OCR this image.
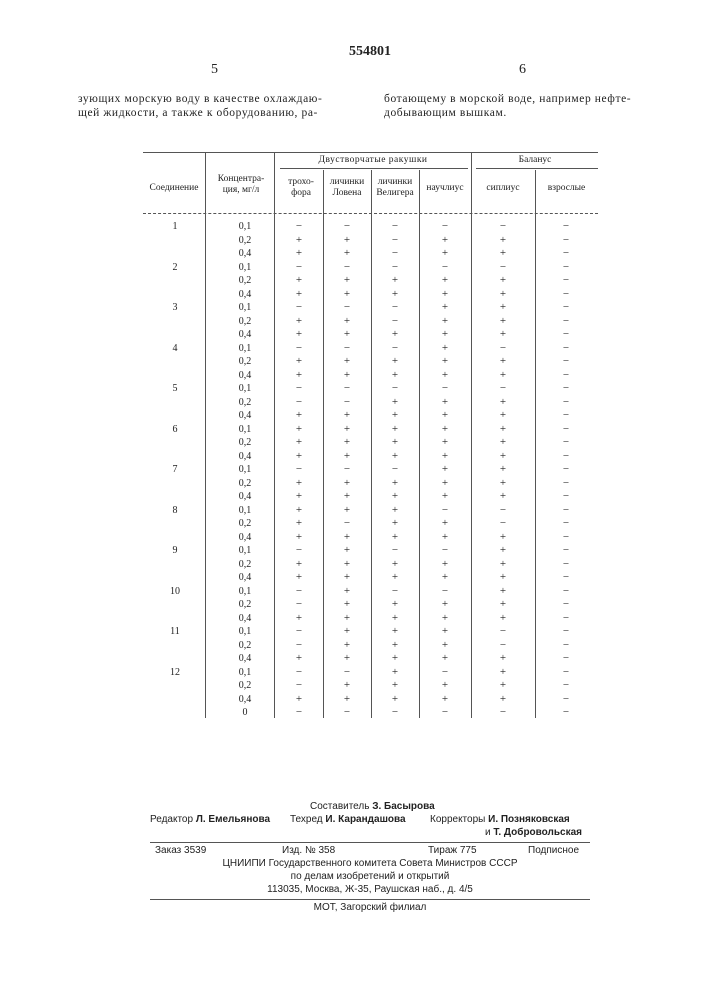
554801
5	6
зующих морскую воду в качестве охлаждаю-
щей жидкости, а также к оборудованию, ра-
ботающему в морской воде, например нефте-
добывающим вышкам.
Соединение
Концентра-ция, мг/л
Двустворчатые ракушки	Баланус
трохо-фора
личинки Ловена
личинки Велигера	научлиус	сиплиус	взрослые
1	0,1	−	−	−	−	−	−
0,2	+	+	−	+	+	−
0,4	+	+	−	+	+	−
2	0,1	−	−	−	−	−	−
0,2	+	+	+	+	+	−
0,4	+	+	+	+	+	−
3	0,1	−	−	−	+	+	−
0,2	+	+	−	+	+	−
0,4	+	+	+	+	+	−
4	0,1	−	−	−	+	−	−
0,2	+	+	+	+	+	−
0,4	+	+	+	+	+	−
5	0,1	−	−	−	−	−	−
0,2	−	−	+	+	+	−
0,4	+	+	+	+	+	−
6	0,1	+	+	+	+	+	−
0,2	+	+	+	+	+	−
0,4	+	+	+	+	+	−
7	0,1	−	−	−	+	+	−
0,2	+	+	+	+	+	−
0,4	+	+	+	+	+	−
8	0,1	+	+	+	−	−	−
0,2	+	−	+	+	−	−
0,4	+	+	+	+	+	−
9	0,1	−	+	−	−	+	−
0,2	+	+	+	+	+	−
0,4	+	+	+	+	+	−
10	0,1	−	+	−	−	+	−
0,2	−	+	+	+	+	−
0,4	+	+	+	+	+	−
11	0,1	−	+	+	+	−	−
0,2	−	+	+	+	−	−
0,4	+	+	+	+	+	−
12	0,1	−	−	+	−	+	−
0,2	−	+	+	+	+	−
0,4	+	+	+	+	+	−
0	−	−	−	−	−	−
Составитель З. Басырова
Редактор Л. Емельянова Техред И. Карандашова Корректоры И. Позняковская
и Т. Добровольская
Заказ 3539	Изд. № 358	Тираж 775	Подписное
ЦНИИПИ Государственного комитета Совета Министров СССР
по делам изобретений и открытий
113035, Москва, Ж-35, Раушская наб., д. 4/5
МОТ, Загорский филиал
